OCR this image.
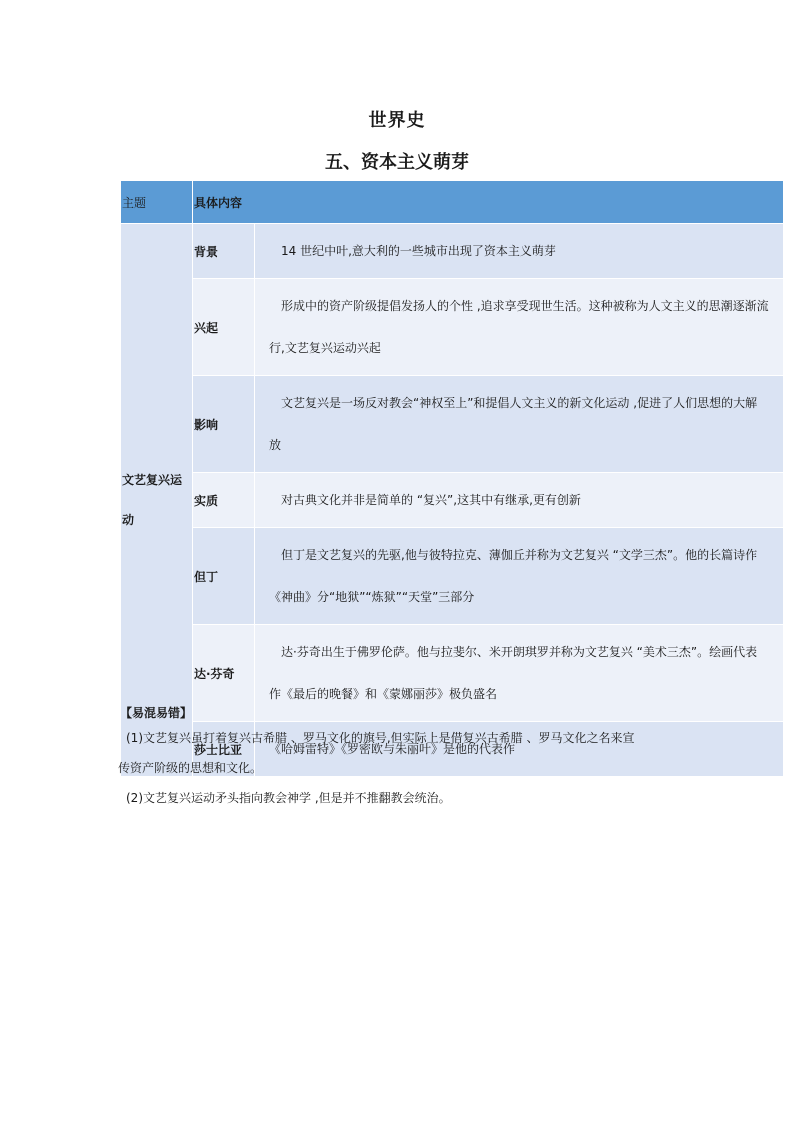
世界史
五、资本主义萌芽
主题	具体内容	
文艺复兴运动	背景	14 世纪中叶,意大利的一些城市出现了资本主义萌芽
	兴起	形成中的资产阶级提倡发扬人的个性 ,追求享受现世生活。这种被称为人文主义的思潮逐渐流行,文艺复兴运动兴起
	影响	文艺复兴是一场反对教会“神权至上”和提倡人文主义的新文化运动 ,促进了人们思想的大解放
	实质	对古典文化并非是简单的 “复兴”,这其中有继承,更有创新
	但丁	但丁是文艺复兴的先驱,他与彼特拉克、薄伽丘并称为文艺复兴 “文学三杰”。他的长篇诗作《神曲》分“地狱”“炼狱”“天堂”三部分
	达·芬奇	达·芬奇出生于佛罗伦萨。他与拉斐尔、米开朗琪罗并称为文艺复兴 “美术三杰”。绘画代表作《最后的晚餐》和《蒙娜丽莎》极负盛名
	莎士比亚	《哈姆雷特》《罗密欧与朱丽叶》是他的代表作
【易混易错】
(1)文艺复兴虽打着复兴古希腊 、罗马文化的旗号,但实际上是借复兴古希腊 、罗马文化之名来宣
传资产阶级的思想和文化。
(2)文艺复兴运动矛头指向教会神学 ,但是并不推翻教会统治。
